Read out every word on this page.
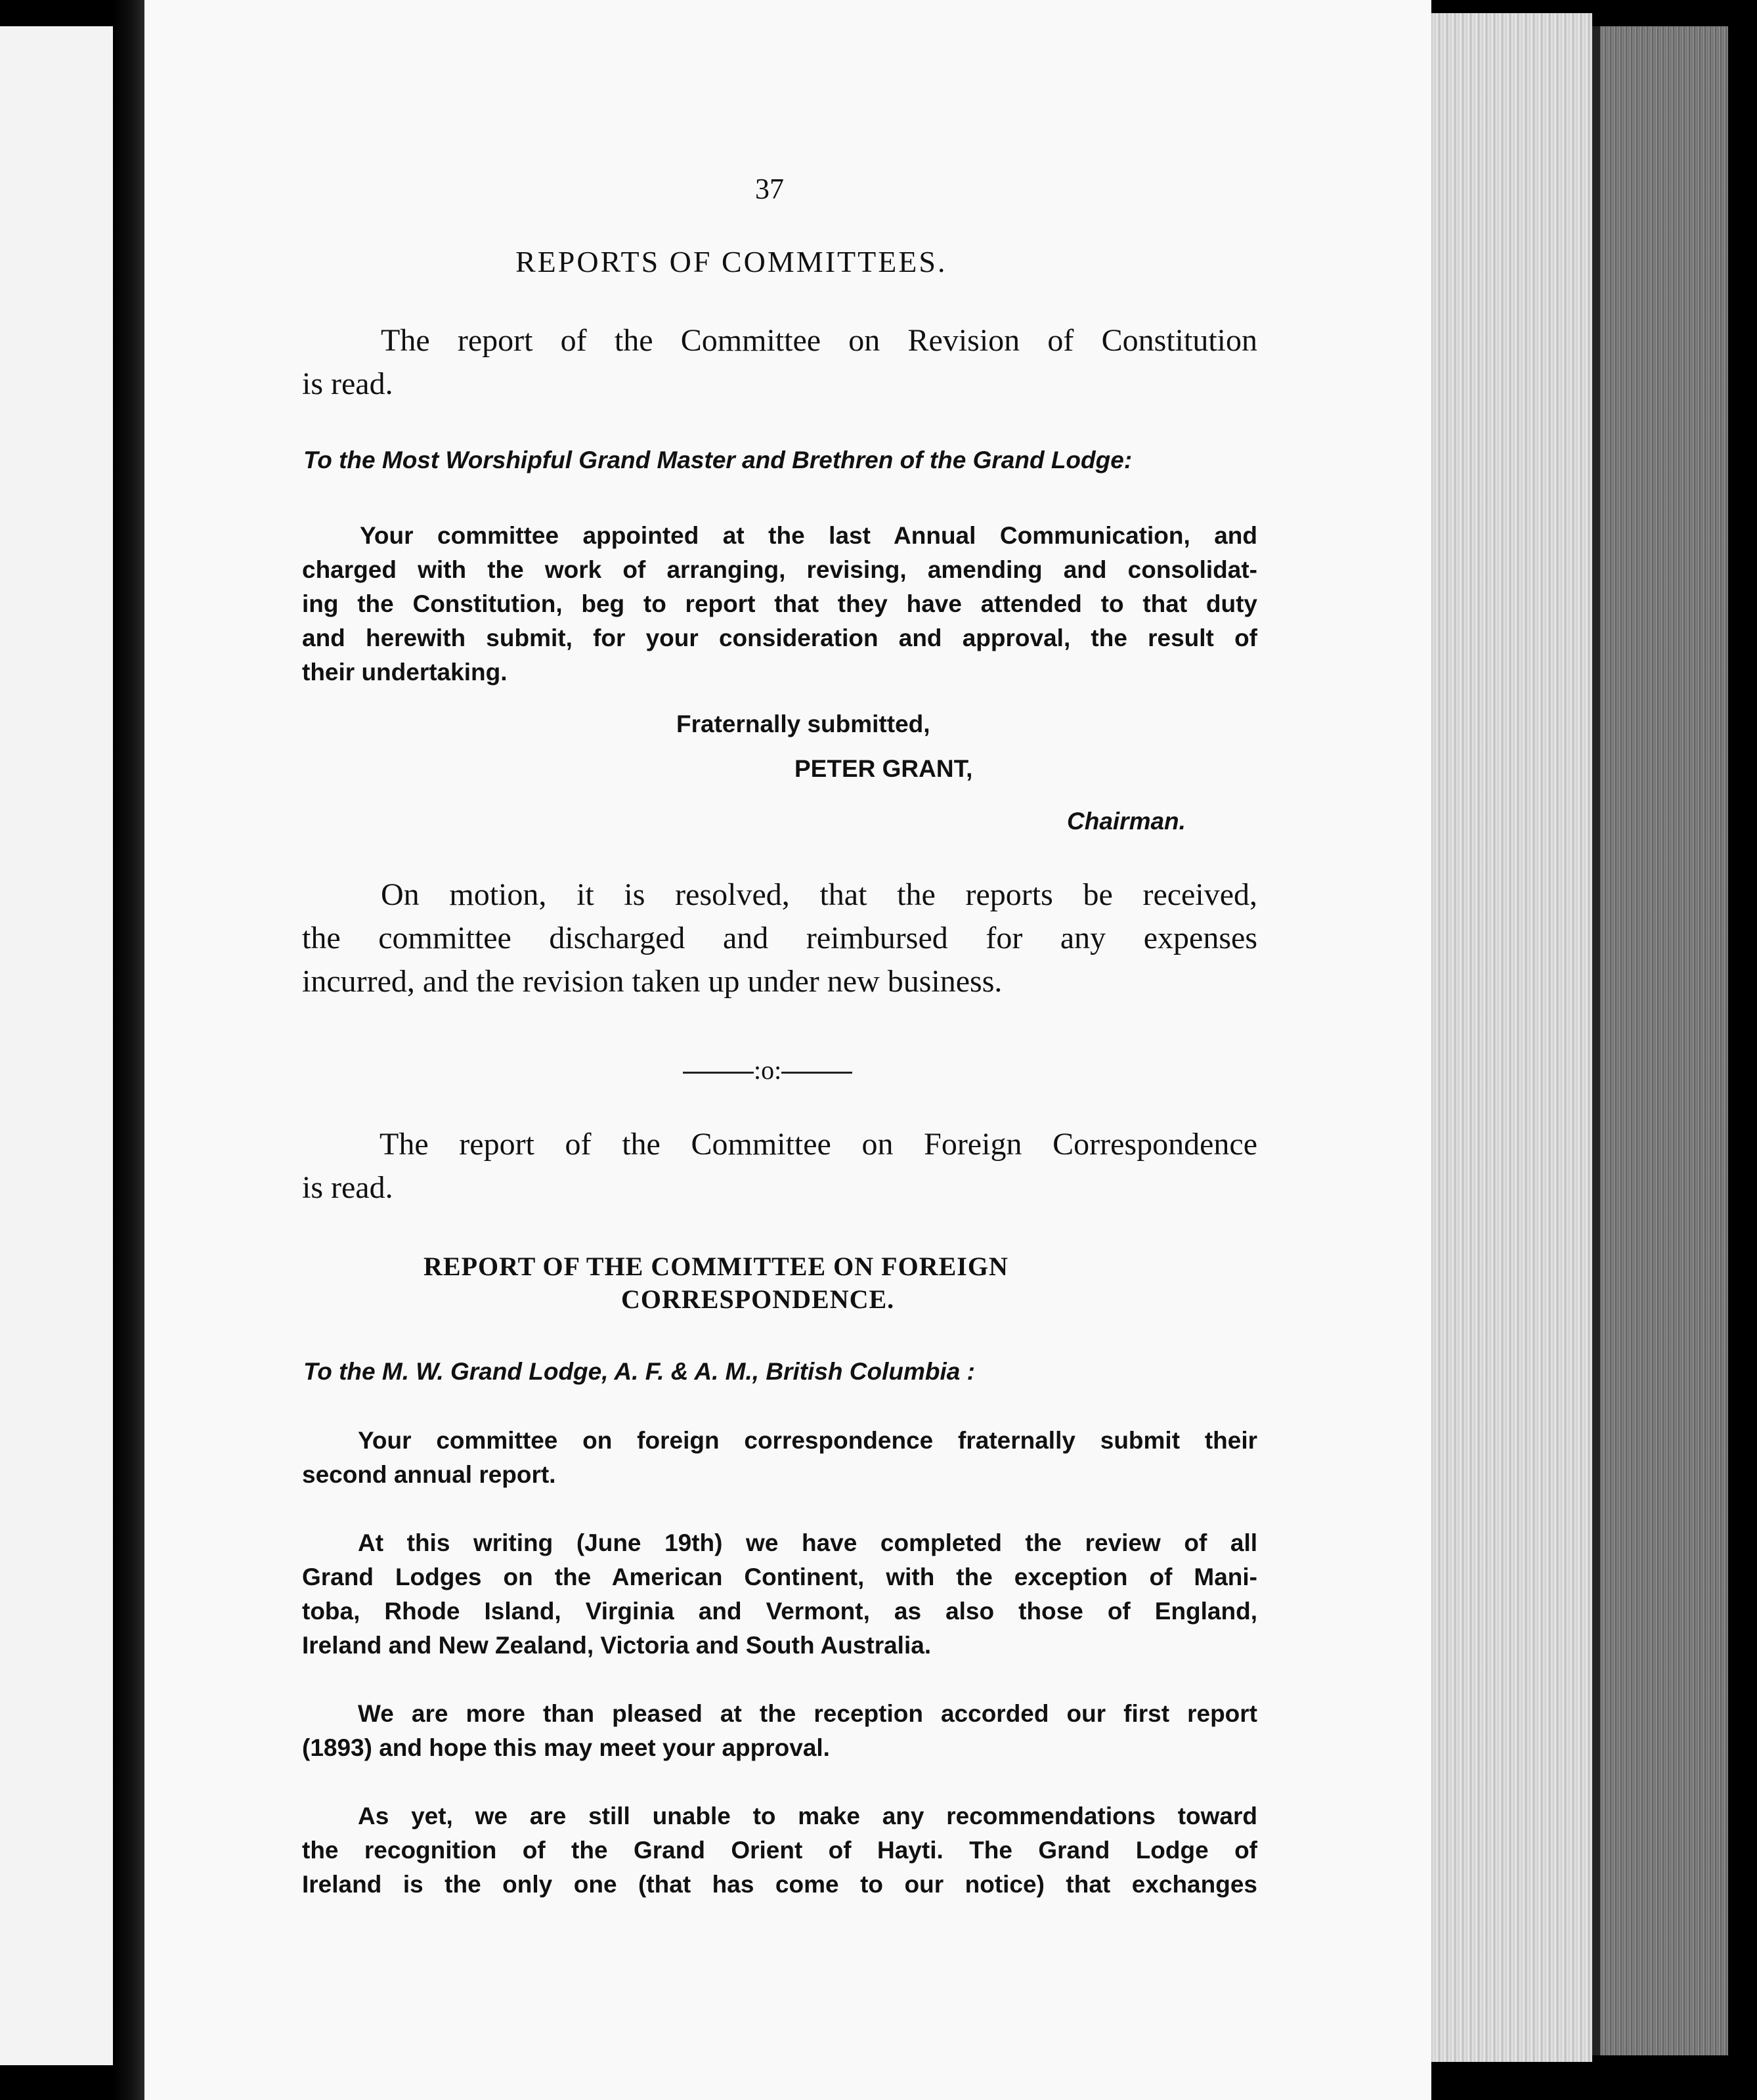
37
REPORTS OF COMMITTEES.
The report of the Committee on Revision of Constitution
is read.
To the Most Worshipful Grand Master and Brethren of the Grand Lodge:
Your committee appointed at the last Annual Communication, and
charged with the work of arranging, revising, amending and consolidat-
ing the Constitution, beg to report that they have attended to that duty
and herewith submit, for your consideration and approval, the result of
their undertaking.
Fraternally submitted,
PETER GRANT,
Chairman.
On motion, it is resolved, that the reports be received,
the committee discharged and reimbursed for any expenses
incurred, and the revision taken up under new business.
:o:
The report of the Committee on Foreign Correspondence
is read.
REPORT OF THE COMMITTEE ON FOREIGN
CORRESPONDENCE.
To the M. W. Grand Lodge, A. F. & A. M., British Columbia :
Your committee on foreign correspondence fraternally submit their
second annual report.
At this writing (June 19th) we have completed the review of all
Grand Lodges on the American Continent, with the exception of Mani-
toba, Rhode Island, Virginia and Vermont, as also those of England,
Ireland and New Zealand, Victoria and South Australia.
We are more than pleased at the reception accorded our first report
(1893) and hope this may meet your approval.
As yet, we are still unable to make any recommendations toward
the recognition of the Grand Orient of Hayti. The Grand Lodge of
Ireland is the only one (that has come to our notice) that exchanges
